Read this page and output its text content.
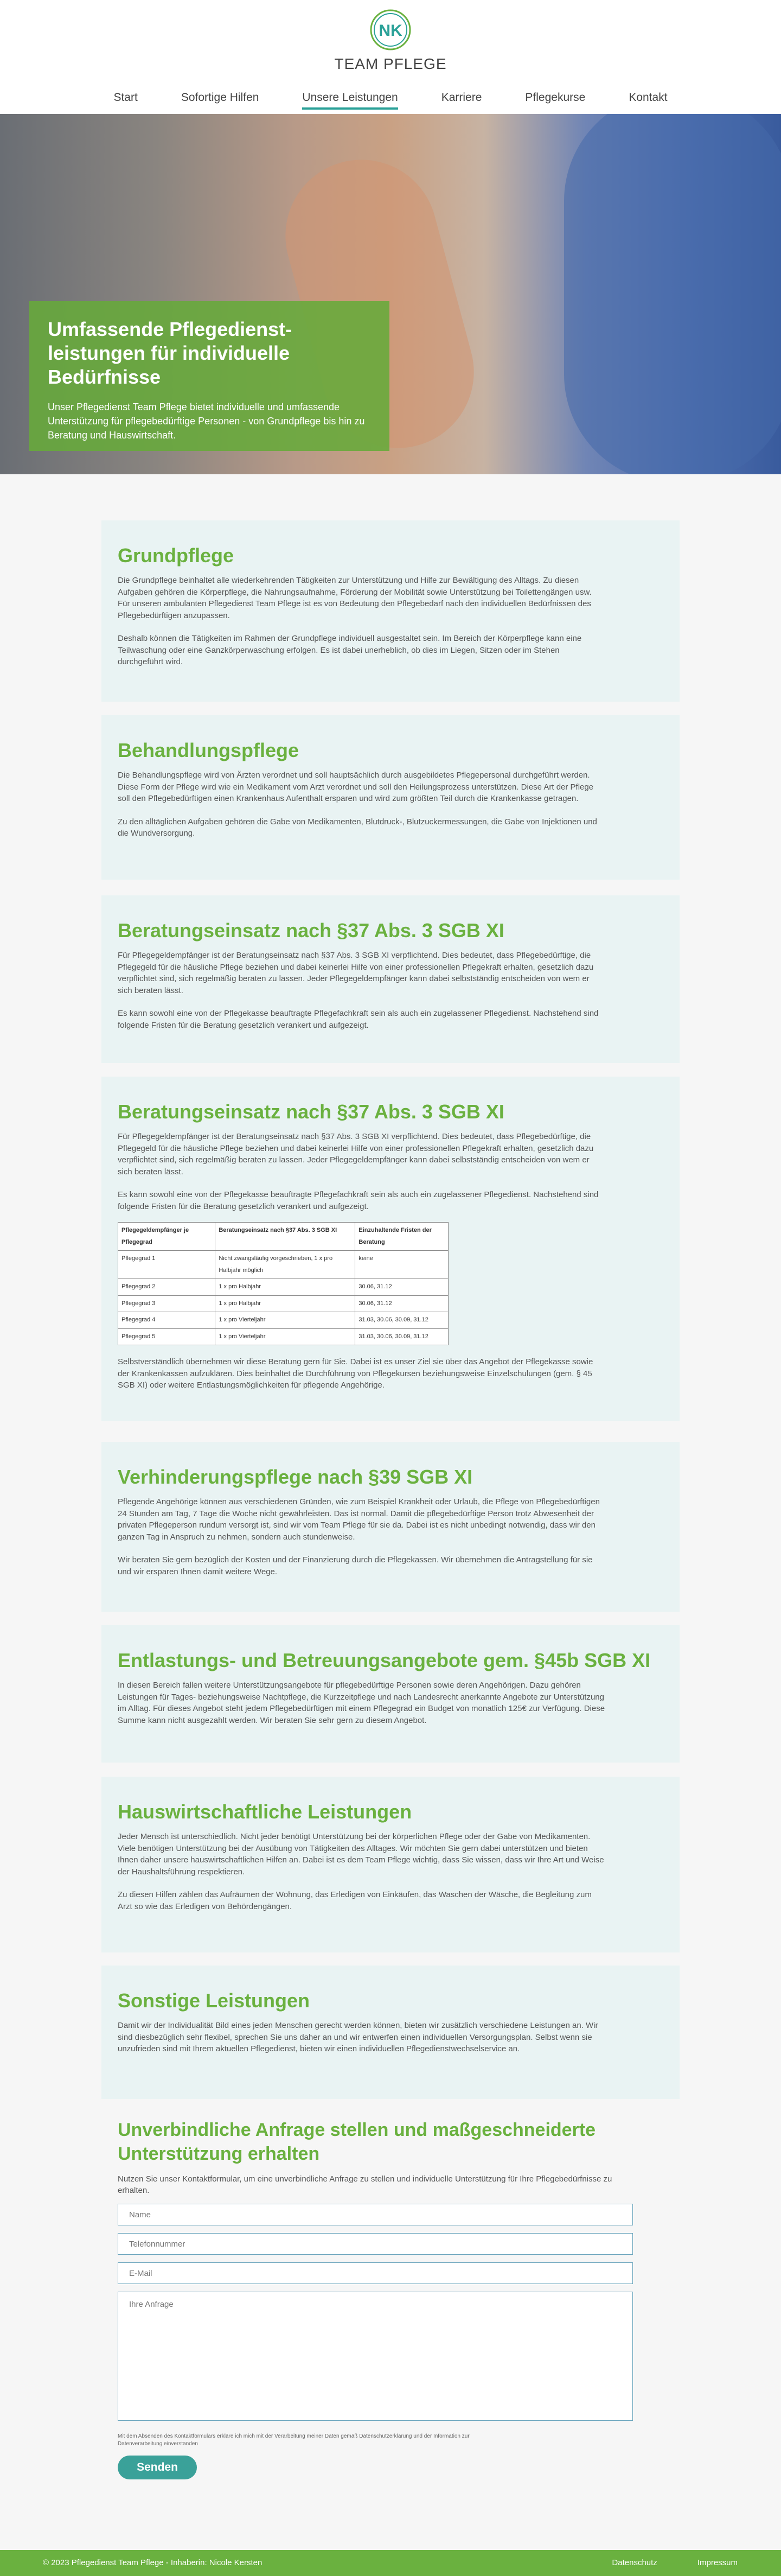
NK
TEAM PFLEGE
Start	Sofortige Hilfen	Unsere Leistungen	Karriere	Pflegekurse	Kontakt
Umfassende Pflegedienst-leistungen für individuelle Bedürfnisse

Unser Pflegedienst Team Pflege bietet individuelle und umfassende Unterstützung für pflegebedürftige Personen - von Grundpflege bis hin zu Beratung und Hauswirtschaft.

Grundpflege

Die Grundpflege beinhaltet alle wiederkehrenden Tätigkeiten zur Unterstützung und Hilfe zur Bewältigung des Alltags. Zu diesen Aufgaben gehören die Körperpflege, die Nahrungsaufnahme, Förderung der Mobilität sowie Unterstützung bei Toilettengängen usw. Für unseren ambulanten Pflegedienst Team Pflege ist es von Bedeutung den Pflegebedarf nach den individuellen Bedürfnissen des Pflegebedürftigen anzupassen.

Deshalb können die Tätigkeiten im Rahmen der Grundpflege individuell ausgestaltet sein. Im Bereich der Körperpflege kann eine Teilwaschung oder eine Ganzkörperwaschung erfolgen. Es ist dabei unerheblich, ob dies im Liegen, Sitzen oder im Stehen durchgeführt wird.

Behandlungspflege

Die Behandlungspflege wird von Ärzten verordnet und soll hauptsächlich durch ausgebildetes Pflegepersonal durchgeführt werden. Diese Form der Pflege wird wie ein Medikament vom Arzt verordnet und soll den Heilungsprozess unterstützen. Diese Art der Pflege soll den Pflegebedürftigen einen Krankenhaus Aufenthalt ersparen und wird zum größten Teil durch die Krankenkasse getragen.

Zu den alltäglichen Aufgaben gehören die Gabe von Medikamenten, Blutdruck-, Blutzuckermessungen, die Gabe von Injektionen und die Wundversorgung.

Beratungseinsatz nach §37 Abs. 3 SGB XI

Für Pflegegeldempfänger ist der Beratungseinsatz nach §37 Abs. 3 SGB XI verpflichtend. Dies bedeutet, dass Pflegebedürftige, die Pflegegeld für die häusliche Pflege beziehen und dabei keinerlei Hilfe von einer professionellen Pflegekraft erhalten, gesetzlich dazu verpflichtet sind, sich regelmäßig beraten zu lassen. Jeder Pflegegeldempfänger kann dabei selbstständig entscheiden von wem er sich beraten lässt.

Es kann sowohl eine von der Pflegekasse beauftragte Pflegefachkraft sein als auch ein zugelassener Pflegedienst. Nachstehend sind folgende Fristen für die Beratung gesetzlich verankert und aufgezeigt.

Beratungseinsatz nach §37 Abs. 3 SGB XI

Für Pflegegeldempfänger ist der Beratungseinsatz nach §37 Abs. 3 SGB XI verpflichtend. Dies bedeutet, dass Pflegebedürftige, die Pflegegeld für die häusliche Pflege beziehen und dabei keinerlei Hilfe von einer professionellen Pflegekraft erhalten, gesetzlich dazu verpflichtet sind, sich regelmäßig beraten zu lassen. Jeder Pflegegeldempfänger kann dabei selbstständig entscheiden von wem er sich beraten lässt.

Es kann sowohl eine von der Pflegekasse beauftragte Pflegefachkraft sein als auch ein zugelassener Pflegedienst. Nachstehend sind folgende Fristen für die Beratung gesetzlich verankert und aufgezeigt.

Pflegegeldempfänger je Pflegegrad	Beratungseinsatz nach §37 Abs. 3 SGB XI	Einzuhaltende Fristen der Beratung
Pflegegrad 1	Nicht zwangsläufig vorgeschrieben, 1 x pro Halbjahr möglich	keine
Pflegegrad 2	1 x pro Halbjahr	30.06, 31.12
Pflegegrad 3	1 x pro Halbjahr	30.06, 31.12
Pflegegrad 4	1 x pro Vierteljahr	31.03, 30.06, 30.09, 31.12
Pflegegrad 5	1 x pro Vierteljahr	31.03, 30.06, 30.09, 31.12

Selbstverständlich übernehmen wir diese Beratung gern für Sie. Dabei ist es unser Ziel sie über das Angebot der Pflegekasse sowie der Krankenkassen aufzuklären. Dies beinhaltet die Durchführung von Pflegekursen beziehungsweise Einzelschulungen (gem. § 45 SGB XI) oder weitere Entlastungsmöglichkeiten für pflegende Angehörige.

Verhinderungspflege nach §39 SGB XI

Pflegende Angehörige können aus verschiedenen Gründen, wie zum Beispiel Krankheit oder Urlaub, die Pflege von Pflegebedürftigen 24 Stunden am Tag, 7 Tage die Woche nicht gewährleisten. Das ist normal. Damit die pflegebedürftige Person trotz Abwesenheit der privaten Pflegeperson rundum versorgt ist, sind wir vom Team Pflege für sie da. Dabei ist es nicht unbedingt notwendig, dass wir den ganzen Tag in Anspruch zu nehmen, sondern auch stundenweise.

Wir beraten Sie gern bezüglich der Kosten und der Finanzierung durch die Pflegekassen. Wir übernehmen die Antragstellung für sie und wir ersparen Ihnen damit weitere Wege.

Entlastungs- und Betreuungsangebote gem. §45b SGB XI

In diesen Bereich fallen weitere Unterstützungsangebote für pflegebedürftige Personen sowie deren Angehörigen. Dazu gehören Leistungen für Tages- beziehungsweise Nachtpflege, die Kurzzeitpflege und nach Landesrecht anerkannte Angebote zur Unterstützung im Alltag. Für dieses Angebot steht jedem Pflegebedürftigen mit einem Pflegegrad ein Budget von monatlich 125€ zur Verfügung. Diese Summe kann nicht ausgezahlt werden. Wir beraten Sie sehr gern zu diesem Angebot.

Hauswirtschaftliche Leistungen

Jeder Mensch ist unterschiedlich. Nicht jeder benötigt Unterstützung bei der körperlichen Pflege oder der Gabe von Medikamenten. Viele benötigen Unterstützung bei der Ausübung von Tätigkeiten des Alltages. Wir möchten Sie gern dabei unterstützen und bieten Ihnen daher unsere hauswirtschaftlichen Hilfen an. Dabei ist es dem Team Pflege wichtig, dass Sie wissen, dass wir Ihre Art und Weise der Haushaltsführung respektieren.

Zu diesen Hilfen zählen das Aufräumen der Wohnung, das Erledigen von Einkäufen, das Waschen der Wäsche, die Begleitung zum Arzt so wie das Erledigen von Behördengängen.

Sonstige Leistungen

Damit wir der Individualität Bild eines jeden Menschen gerecht werden können, bieten wir zusätzlich verschiedene Leistungen an. Wir sind diesbezüglich sehr flexibel, sprechen Sie uns daher an und wir entwerfen einen individuellen Versorgungsplan. Selbst wenn sie unzufrieden sind mit Ihrem aktuellen Pflegedienst, bieten wir einen individuellen Pflegedienstwechselservice an.

Unverbindliche Anfrage stellen und maßgeschneiderte Unterstützung erhalten

Nutzen Sie unser Kontaktformular, um eine unverbindliche Anfrage zu stellen und individuelle Unterstützung für Ihre Pflegebedürfnisse zu erhalten.

Name
Telefonnummer
E-Mail
Ihre Anfrage

Mit dem Absenden des Kontaktformulars erkläre ich mich mit der Verarbeitung meiner Daten gemäß Datenschutzerklärung und der Information zur Datenverarbeitung einverstanden

Senden
© 2023 Pflegedienst Team Pflege - Inhaberin: Nicole Kersten	Datenschutz	Impressum
